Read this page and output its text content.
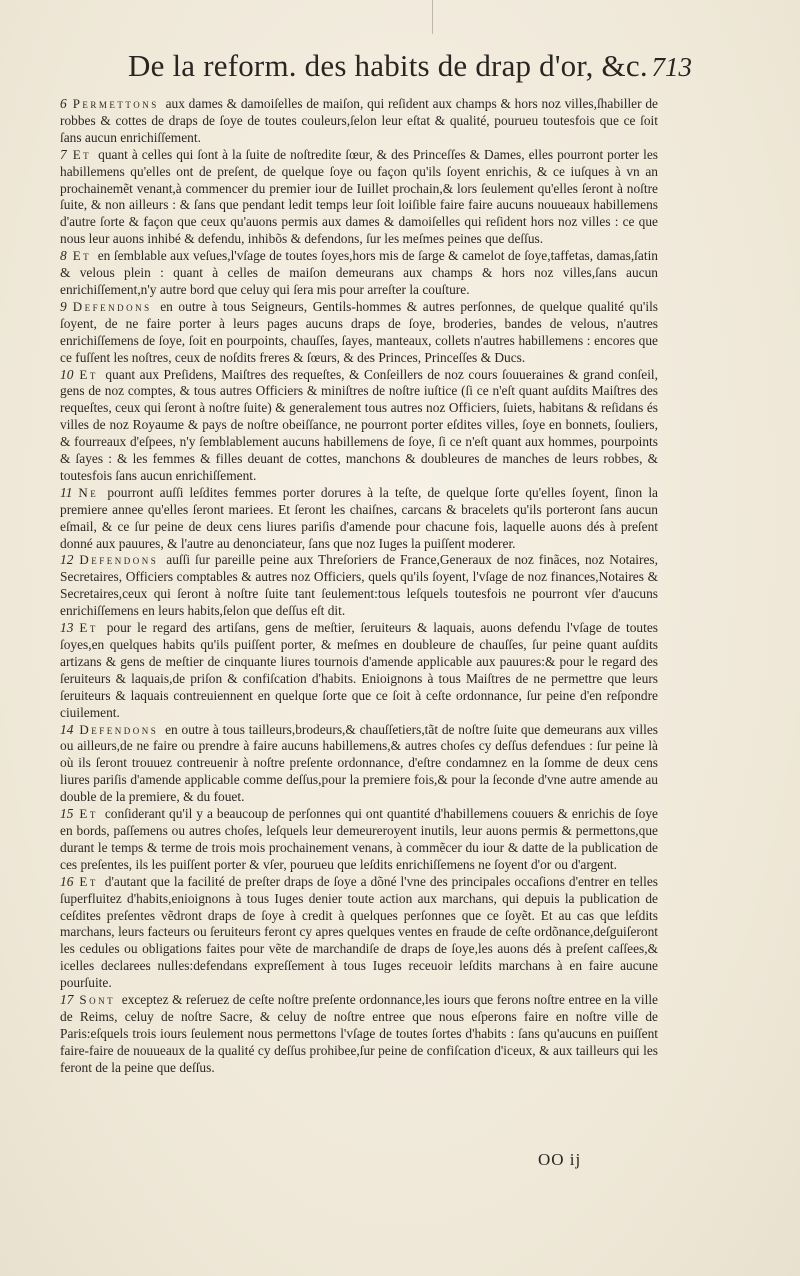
De la reform. des habits de drap d'or, &c. 713

6 Permettons aux dames & damoiſelles de maiſon, qui reſident aux champs & hors noz villes,ſhabiller de robbes & cottes de draps de ſoye de toutes couleurs,ſelon leur eſtat & qualité, pourueu toutesfois que ce ſoit ſans aucun enrichiſſement.

7 Et quant à celles qui ſont à la ſuite de noſtredite ſœur, & des Princeſſes & Dames, elles pourront porter les habillemens qu'elles ont de preſent, de quelque ſoye ou façon qu'ils ſoyent enrichis, & ce iuſques à vn an prochainemẽt venant,à commencer du premier iour de Iuillet prochain,& lors ſeulement qu'elles ſeront à noſtre ſuite, & non ailleurs : & ſans que pendant ledit temps leur ſoit loiſible faire faire aucuns nouueaux habillemens d'autre ſorte & façon que ceux qu'auons permis aux dames & damoiſelles qui reſident hors noz villes : ce que nous leur auons inhibé & defendu, inhibõs & defendons, ſur les meſmes peines que deſſus.

8 Et en ſemblable aux veſues,l'vſage de toutes ſoyes,hors mis de ſarge & camelot de ſoye,taffetas, damas,ſatin & velous plein : quant à celles de maiſon demeurans aux champs & hors noz villes,ſans aucun enrichiſſement,n'y autre bord que celuy qui ſera mis pour arreſter la couſture.

9 Defendons en outre à tous Seigneurs, Gentils-hommes & autres perſonnes, de quelque qualité qu'ils ſoyent, de ne faire porter à leurs pages aucuns draps de ſoye, broderies, bandes de velous, n'autres enrichiſſemens de ſoye, ſoit en pourpoints, chauſſes, ſayes, manteaux, collets n'autres habillemens : encores que ce fuſſent les noſtres, ceux de noſdits freres & ſœurs, & des Princes, Princeſſes & Ducs.

10 Et quant aux Preſidens, Maiſtres des requeſtes, & Conſeillers de noz cours ſouueraines & grand conſeil, gens de noz comptes, & tous autres Officiers & miniſtres de noſtre iuſtice (ſi ce n'eſt quant auſdits Maiſtres des requeſtes, ceux qui ſeront à noſtre ſuite) & generalement tous autres noz Officiers, ſuiets, habitans & reſidans és villes de noz Royaume & pays de noſtre obeiſſance, ne pourront porter eſdites villes, ſoye en bonnets, ſouliers, & fourreaux d'eſpees, n'y ſemblablement aucuns habillemens de ſoye, ſi ce n'eſt quant aux hommes, pourpoints & ſayes : & les femmes & filles deuant de cottes, manchons & doubleures de manches de leurs robbes, & toutesfois ſans aucun enrichiſſement.

11 Ne pourront auſſi leſdites femmes porter dorures à la teſte, de quelque ſorte qu'elles ſoyent, ſinon la premiere annee qu'elles ſeront mariees. Et ſeront les chaiſnes, carcans & bracelets qu'ils porteront ſans aucun eſmail, & ce ſur peine de deux cens liures pariſis d'amende pour chacune fois, laquelle auons dés à preſent donné aux pauures, & l'autre au denonciateur, ſans que noz Iuges la puiſſent moderer.

12 Defendons auſſi ſur pareille peine aux Threſoriers de France,Generaux de noz finãces, noz Notaires, Secretaires, Officiers comptables & autres noz Officiers, quels qu'ils ſoyent, l'vſage de noz finances,Notaires & Secretaires,ceux qui ſeront à noſtre ſuite tant ſeulement:tous leſquels toutesfois ne pourront vſer d'aucuns enrichiſſemens en leurs habits,ſelon que deſſus eſt dit.

13 Et pour le regard des artiſans, gens de meſtier, ſeruiteurs & laquais, auons defendu l'vſage de toutes ſoyes,en quelques habits qu'ils puiſſent porter, & meſmes en doubleure de chauſſes, ſur peine quant auſdits artizans & gens de meſtier de cinquante liures tournois d'amende applicable aux pauures:& pour le regard des ſeruiteurs & laquais,de priſon & confiſcation d'habits. Enioignons à tous Maiſtres de ne permettre que leurs ſeruiteurs & laquais contreuiennent en quelque ſorte que ce ſoit à ceſte ordonnance, ſur peine d'en reſpondre ciuilement.

14 Defendons en outre à tous tailleurs,brodeurs,& chauſſetiers,tãt de noſtre ſuite que demeurans aux villes ou ailleurs,de ne faire ou prendre à faire aucuns habillemens,& autres choſes cy deſſus defendues : ſur peine là où ils ſeront trouuez contreuenir à noſtre preſente ordonnance, d'eſtre condamnez en la ſomme de deux cens liures pariſis d'amende applicable comme deſſus,pour la premiere fois,& pour la ſeconde d'vne autre amende au double de la premiere, & du fouet.

15 Et conſiderant qu'il y a beaucoup de perſonnes qui ont quantité d'habillemens couuers & enrichis de ſoye en bords, paſſemens ou autres choſes, leſquels leur demeureroyent inutils, leur auons permis & permettons,que durant le temps & terme de trois mois prochainement venans, à commẽcer du iour & datte de la publication de ces preſentes, ils les puiſſent porter & vſer, pourueu que leſdits enrichiſſemens ne ſoyent d'or ou d'argent.

16 Et d'autant que la facilité de preſter draps de ſoye a dõné l'vne des principales occaſions d'entrer en telles ſuperfluitez d'habits,enioignons à tous Iuges denier toute action aux marchans, qui depuis la publication de ceſdites preſentes vẽdront draps de ſoye à credit à quelques perſonnes que ce ſoyẽt. Et au cas que leſdits marchans, leurs facteurs ou ſeruiteurs feront cy apres quelques ventes en fraude de ceſte ordõnance,deſguiſeront les cedules ou obligations faites pour vẽte de marchandiſe de draps de ſoye,les auons dés à preſent caſſees,& icelles declarees nulles:defendans expreſſement à tous Iuges receuoir leſdits marchans à en faire aucune pourſuite.

17 Sont exceptez & reſeruez de ceſte noſtre preſente ordonnance,les iours que ferons noſtre entree en la ville de Reims, celuy de noſtre Sacre, & celuy de noſtre entree que nous eſperons faire en noſtre ville de Paris:eſquels trois iours ſeulement nous permettons l'vſage de toutes ſortes d'habits : ſans qu'aucuns en puiſſent faire-faire de nouueaux de la qualité cy deſſus prohibee,ſur peine de confiſcation d'iceux, & aux tailleurs qui les feront de la peine que deſſus.

OO ij
